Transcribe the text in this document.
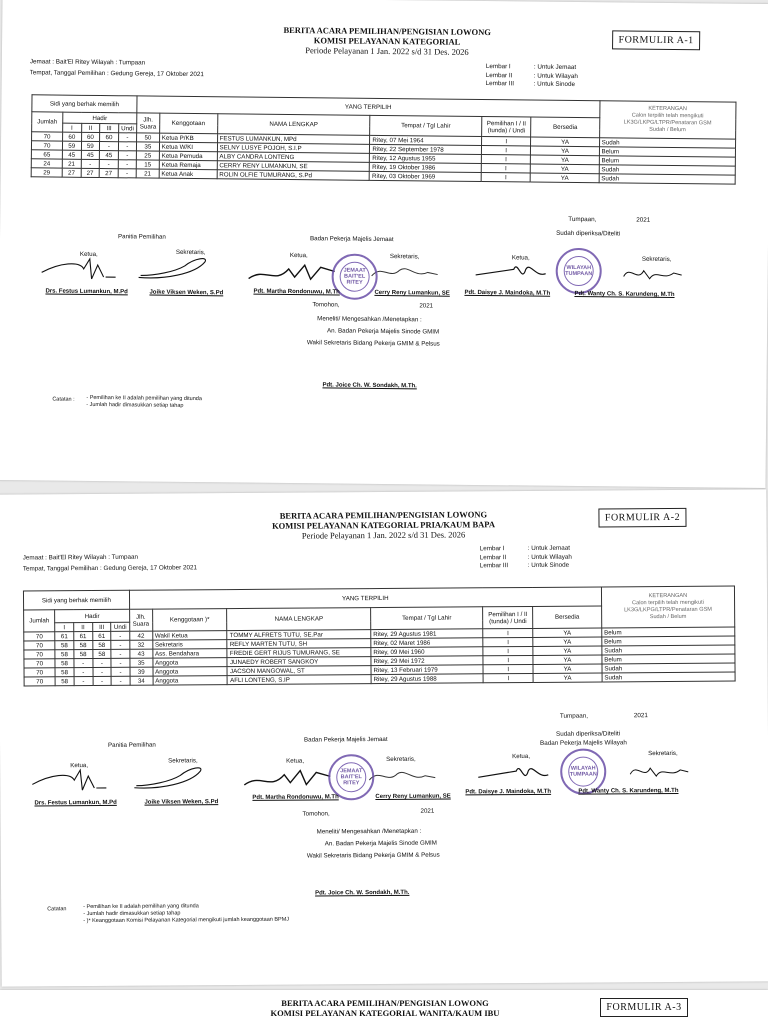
BERITA ACARA PEMILIHAN/PENGISIAN LOWONG
KOMISI PELAYANAN KATEGORIAL
Periode Pelayanan 1 Jan. 2022 s/d 31 Des. 2026
FORMULIR A-1
Jemaat : Bait'El Ritey Wilayah : Tumpaan
Tempat, Tanggal Pemilihan : Gedung Gereja, 17 Oktober 2021
Lembar I	: Untuk Jemaat
Lembar II	: Untuk Wilayah
Lembar III	: Untuk Sinode
Sidi yang berhak memilih					YANG TERPILIH						KETERANGAN
Calon terpilih telah mengikuti LK3G/LKPG/LTPR/Penataran GSM
Sudah / Belum

Jumlah	Hadir				Jlh. Suara	Kenggotaan	NAMA LENGKAP	Tempat / Tgl Lahir	Pemilihan I / II (tunda) / Undi	Bersedia	
	I	II	III	Undi							
70	60	60	60	-	50	Ketua P/KB	FESTUS LUMANKUN, MPd	Ritey, 07 Mei 1964	I	YA	Sudah
70	59	59	-	-	35	Ketua W/KI	SELNY LUSYE POJOH, S.I.P	Ritey, 22 September 1978	I	YA	Belum
65	45	45	45	-	25	Ketua Pemuda	ALBY CANDRA LONTENG	Ritey, 12 Agustus 1955	I	YA	Belum
24	21	-	-	-	15	Ketua Remaja	CERRY RENY LUMANKUN, SE	Ritey, 19 Oktober 1986	I	YA	Sudah
29	27	27	27	-	21	Ketua Anak	ROLIN OLFIE TUMURANG, S.Pd	Ritey, 03 Oktober 1969	I	YA	Sudah
Tumpaan,	2021
Sudah diperiksa/Diteliti
Panitia Pemilihan	Badan Pekerja Majelis Jemaat
Ketua,	Sekretaris,	Ketua,	Sekretaris,	Ketua,	Sekretaris,
JEMAAT BAIT'EL RITEY
WILAYAH TUMPAAN
Drs. Festus Lumankun, M.Pd	Joike Viksen Weken, S.Pd	Pdt. Martha Rondonuwu, M.Th	Cerry Reny Lumankun, SE Pdt. Daisye J. Maindoka, M.Th	Pdt. Wanty Ch. S. Karundeng, M.Th
Tomohon,	2021
Meneliti/ Mengesahkan /Menetapkan :
An. Badan Pekerja Majelis Sinode GMIM
Wakil Sekretaris Bidang Pekerja GMIM & Pelsus
Pdt. Joice Ch. W. Sondakh, M.Th.
Catatan : - Pemilihan ke II adalah pemilihan yang ditunda
- Jumlah hadir dimasukkan setiap tahap
BERITA ACARA PEMILIHAN/PENGISIAN LOWONG
KOMISI PELAYANAN KATEGORIAL PRIA/KAUM BAPA
Periode Pelayanan 1 Jan. 2022 s/d 31 Des. 2026
FORMULIR A-2
Jemaat : Bait'El Ritey Wilayah : Tumpaan
Tempat, Tanggal Pemilihan : Gedung Gereja, 17 Oktober 2021
Lembar I	: Untuk Jemaat
Lembar II	: Untuk Wilayah
Lembar III	: Untuk Sinode
Sidi yang berhak memilih					YANG TERPILIH						KETERANGAN
Calon terpilih telah mengikuti LK3G/LKPG/LTPR/Penataran GSM
Sudah / Belum

Jumlah	Hadir				Jlh. Suara	Kenggotaan )*	NAMA LENGKAP	Tempat / Tgl Lahir	Pemilihan I / II (tunda) / Undi	Bersedia	
	I	II	III	Undi							
70	61	61	61	-	42	Wakil Ketua	TOMMY ALFRETS TUTU, SE.Par	Ritey, 29 Agustus 1981	I	YA	Belum
70	58	58	58	-	32	Sekretaris	REFLY MARTEN TUTU, SH	Ritey, 02 Maret 1986	I	YA	Belum
70	58	58	58	-	43	Ass. Bendahara	FREDIE GERT RIJUS TUMURANG, SE	Ritey, 09 Mei 1960	I	YA	Sudah
70	58	-	-	-	35	Anggota	JUNAEDY ROBERT SANGKOY	Ritey, 29 Mei 1972	I	YA	Belum
70	58	-	-	-	39	Anggota	JACSON MANGOWAL, ST	Ritey, 13 Februari 1979	I	YA	Sudah
70	58	-	-	-	34	Anggota	AFLI LONTENG, S.IP	Ritey, 29 Agustus 1988	I	YA	Sudah
Tumpaan,	2021
Sudah diperiksa/Diteliti
Badan Pekerja Majelis Wilayah
Panitia Pemilihan
Badan Pekerja Majelis Jemaat
Ketua,
Sekretaris,	Ketua,	Sekretaris,	Ketua,	Sekretaris,
JEMAAT BAIT'EL RITEY
WILAYAH TUMPAAN
Drs. Festus Lumankun, M.Pd	Joike Viksen Weken, S.Pd
Pdt. Martha Rondonuwu, M.Th	Cerry Reny Lumankun, SE
Pdt. Daisye J. Maindoka, M.Th	Pdt. Wanty Ch. S. Karundeng, M.Th
Tomohon,	2021
Meneliti/ Mengesahkan /Menetapkan :
An. Badan Pekerja Majelis Sinode GMIM
Wakil Sekretaris Bidang Pekerja GMIM & Pelsus
Pdt. Joice Ch. W. Sondakh, M.Th.
Catatan	- Pemilihan ke II adalah pemilihan yang ditunda
- Jumlah hadir dimasukkan setiap tahap
- )* Keanggotaan Komisi Pelayanan Kategorial mengikuti jumlah keanggotaan BPMJ
BERITA ACARA PEMILIHAN/PENGISIAN LOWONG
KOMISI PELAYANAN KATEGORIAL WANITA/KAUM IBU	FORMULIR A-3
